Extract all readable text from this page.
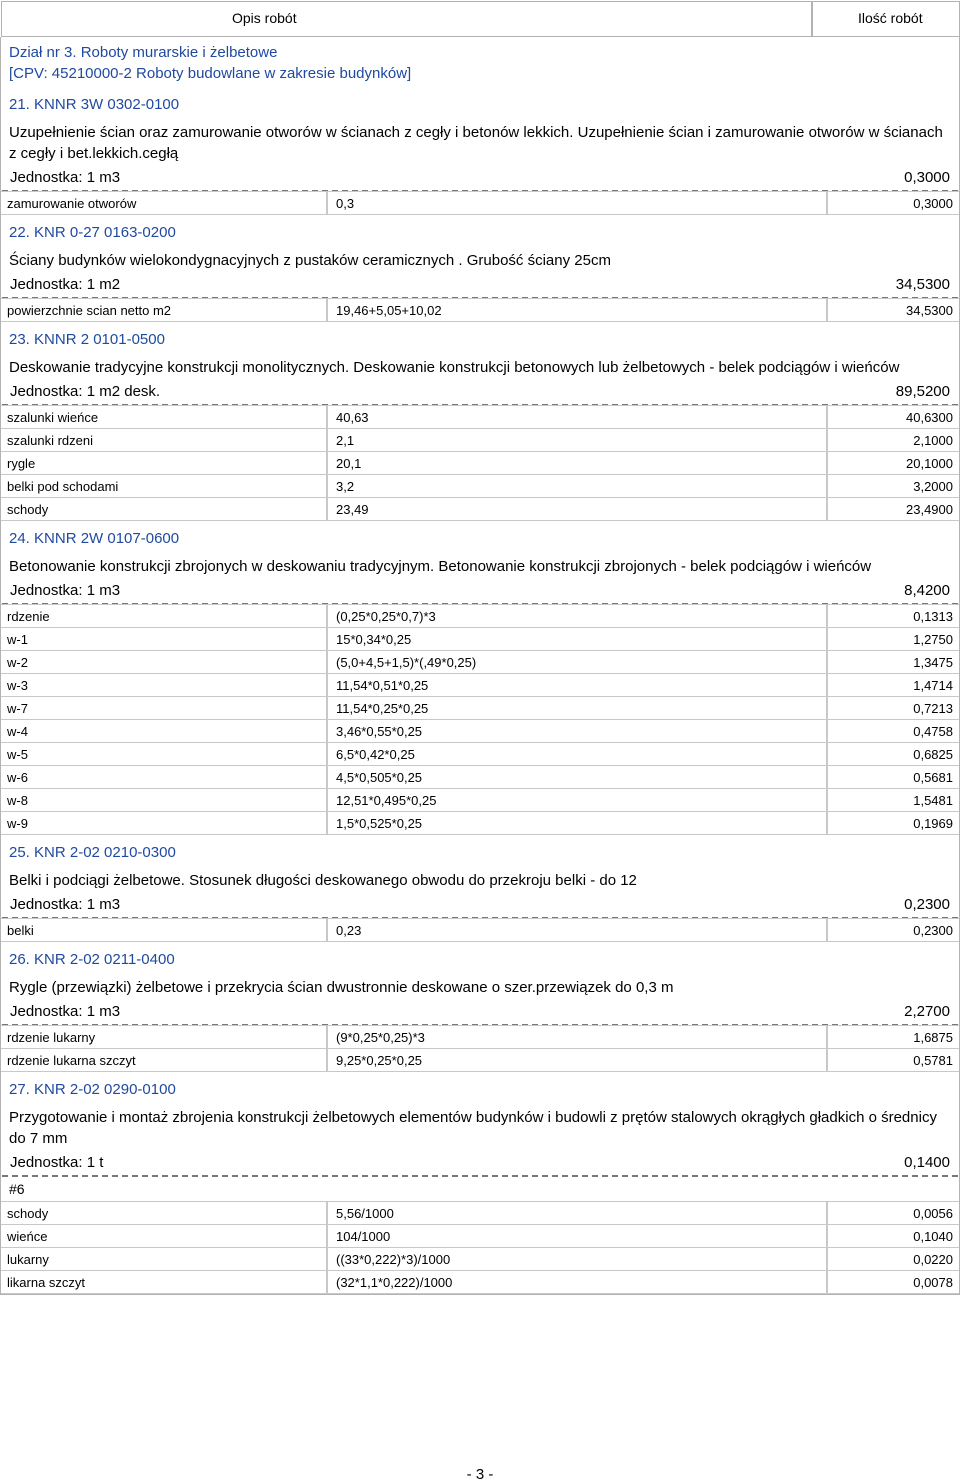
Opis robót	Ilość robót
Dział nr 3. Roboty murarskie i żelbetowe
[CPV: 45210000-2 Roboty budowlane w zakresie budynków]
21. KNNR 3W 0302-0100
Uzupełnienie ścian oraz zamurowanie otworów w ścianach z cegły i betonów lekkich. Uzupełnienie ścian i zamurowanie otworów w ścianach z cegły i bet.lekkich.cegłą
Jednostka: 1 m3	0,3000
zamurowanie otworów	0,3	0,3000
22. KNR 0-27 0163-0200
Ściany budynków wielokondygnacyjnych z pustaków ceramicznych . Grubość ściany 25cm
Jednostka: 1 m2	34,5300
powierzchnie scian netto m2	19,46+5,05+10,02	34,5300
23. KNNR 2 0101-0500
Deskowanie tradycyjne konstrukcji monolitycznych. Deskowanie konstrukcji betonowych lub żelbetowych - belek podciągów i wieńców
Jednostka: 1 m2 desk.	89,5200
szalunki wieńce	40,63	40,6300
szalunki rdzeni	2,1	2,1000
rygle	20,1	20,1000
belki pod schodami	3,2	3,2000
schody	23,49	23,4900
24. KNNR 2W 0107-0600
Betonowanie konstrukcji zbrojonych w deskowaniu tradycyjnym. Betonowanie konstrukcji zbrojonych - belek podciągów i wieńców
Jednostka: 1 m3	8,4200
rdzenie	(0,25*0,25*0,7)*3	0,1313
w-1	15*0,34*0,25	1,2750
w-2	(5,0+4,5+1,5)*(,49*0,25)	1,3475
w-3	11,54*0,51*0,25	1,4714
w-7	11,54*0,25*0,25	0,7213
w-4	3,46*0,55*0,25	0,4758
w-5	6,5*0,42*0,25	0,6825
w-6	4,5*0,505*0,25	0,5681
w-8	12,51*0,495*0,25	1,5481
w-9	1,5*0,525*0,25	0,1969
25. KNR 2-02 0210-0300
Belki i podciągi żelbetowe. Stosunek długości deskowanego obwodu do przekroju belki - do 12
Jednostka: 1 m3	0,2300
belki	0,23	0,2300
26. KNR 2-02 0211-0400
Rygle (przewiązki) żelbetowe i przekrycia ścian dwustronnie deskowane o szer.przewiązek do 0,3 m
Jednostka: 1 m3	2,2700
rdzenie lukarny	(9*0,25*0,25)*3	1,6875
rdzenie lukarna szczyt	9,25*0,25*0,25	0,5781
27. KNR 2-02 0290-0100
Przygotowanie i montaż zbrojenia konstrukcji żelbetowych elementów budynków i budowli z prętów stalowych okrągłych gładkich o średnicy do 7 mm
Jednostka: 1 t	0,1400
#6
schody	5,56/1000	0,0056
wieńce	104/1000	0,1040
lukarny	((33*0,222)*3)/1000	0,0220
likarna szczyt	(32*1,1*0,222)/1000	0,0078
- 3 -
